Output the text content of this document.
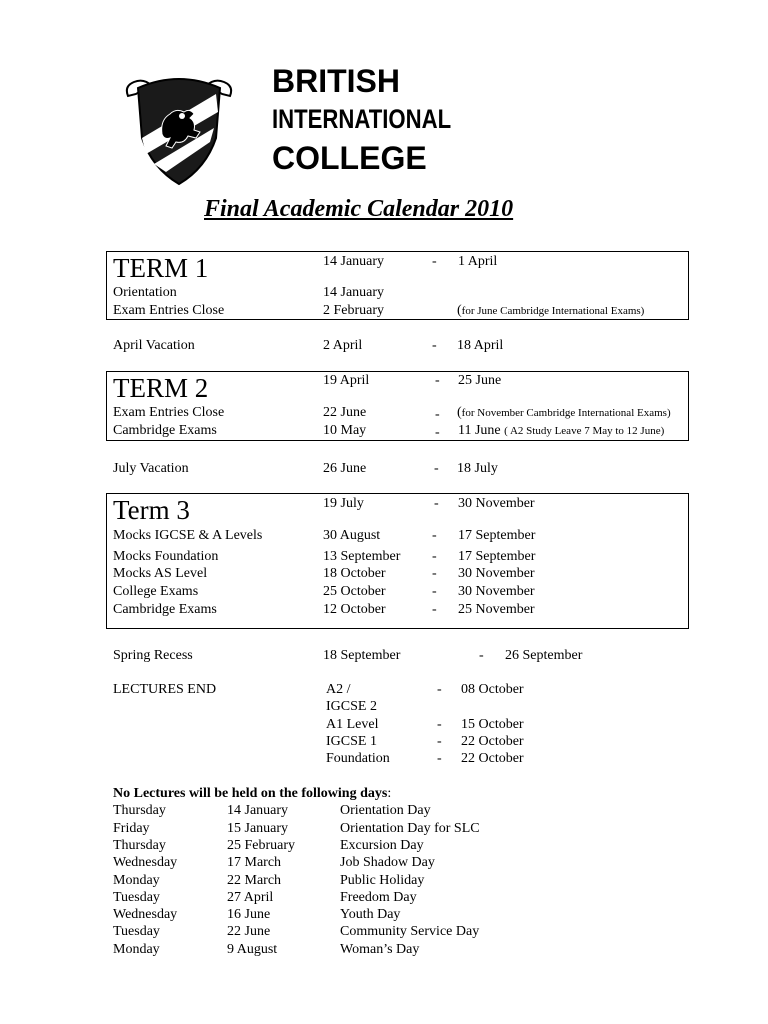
BRITISH
INTERNATIONAL
COLLEGE
Final Academic Calendar 2010
TERM 1	14 January	- 1 April
Orientation	14 January
Exam Entries Close	2 February	(for June Cambridge International Exams)
April Vacation	2 April	- 18 April
TERM 2	19 April	- 25 June
Exam Entries Close	22 June	- (for November Cambridge International Exams)
Cambridge Exams	10 May	- 11 June ( A2 Study Leave 7 May to 12 June)
July Vacation	26 June	- 18 July
Term 3	19 July	- 30 November
Mocks IGCSE & A Levels	30 August	- 17 September
Mocks Foundation	13 September - 17 September
Mocks AS Level	18 October	- 30 November
College Exams	25 October	- 30 November
Cambridge Exams	12 October	- 25 November
Spring Recess	18 September	- 26 September
LECTURES END	A2 /	- 08 October
IGCSE 2
A1 Level	- 15 October
IGCSE 1	- 22 October
Foundation	- 22 October
No Lectures will be held on the following days:
Thursday	14 January	Orientation Day
Friday	15 January	Orientation Day for SLC
Thursday	25 February	Excursion Day
Wednesday	17 March	Job Shadow Day
Monday	22 March	Public Holiday
Tuesday	27 April	Freedom Day
Wednesday	16 June	Youth Day
Tuesday	22 June	Community Service Day
Monday	9 August	Woman’s Day
